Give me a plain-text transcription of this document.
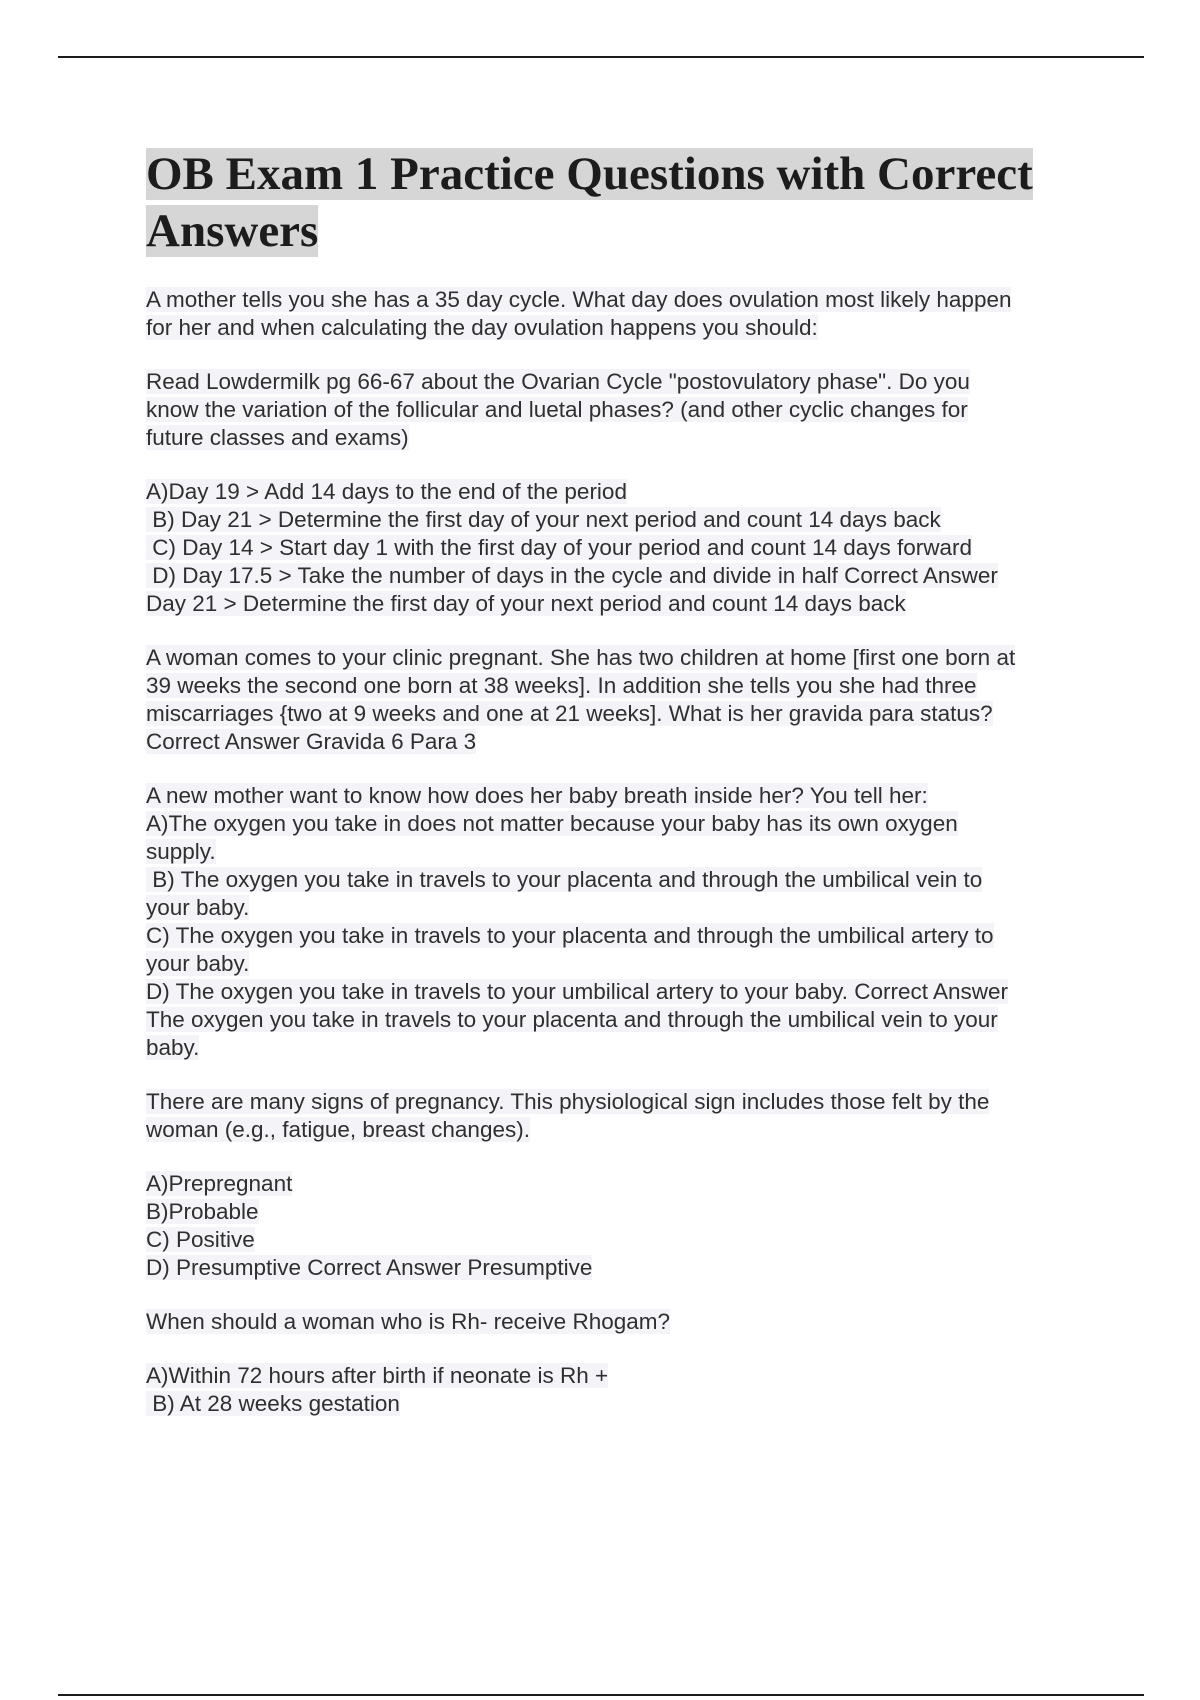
OB Exam 1 Practice Questions with Correct
Answers
A mother tells you she has a 35 day cycle. What day does ovulation most likely happen
for her and when calculating the day ovulation happens you should:
Read Lowdermilk pg 66-67 about the Ovarian Cycle "postovulatory phase". Do you
know the variation of the follicular and luetal phases? (and other cyclic changes for
future classes and exams)
A)Day 19 > Add 14 days to the end of the period
B) Day 21 > Determine the first day of your next period and count 14 days back
C) Day 14 > Start day 1 with the first day of your period and count 14 days forward
D) Day 17.5 > Take the number of days in the cycle and divide in half Correct Answer
Day 21 > Determine the first day of your next period and count 14 days back
A woman comes to your clinic pregnant. She has two children at home [first one born at
39 weeks the second one born at 38 weeks]. In addition she tells you she had three
miscarriages {two at 9 weeks and one at 21 weeks]. What is her gravida para status?
Correct Answer Gravida 6 Para 3
A new mother want to know how does her baby breath inside her? You tell her:
A)The oxygen you take in does not matter because your baby has its own oxygen
supply.
B) The oxygen you take in travels to your placenta and through the umbilical vein to
your baby.
C) The oxygen you take in travels to your placenta and through the umbilical artery to
your baby.
D) The oxygen you take in travels to your umbilical artery to your baby. Correct Answer
The oxygen you take in travels to your placenta and through the umbilical vein to your
baby.
There are many signs of pregnancy. This physiological sign includes those felt by the
woman (e.g., fatigue, breast changes).
A)Prepregnant
B)Probable
C) Positive
D) Presumptive Correct Answer Presumptive
When should a woman who is Rh- receive Rhogam?
A)Within 72 hours after birth if neonate is Rh +
B) At 28 weeks gestation
